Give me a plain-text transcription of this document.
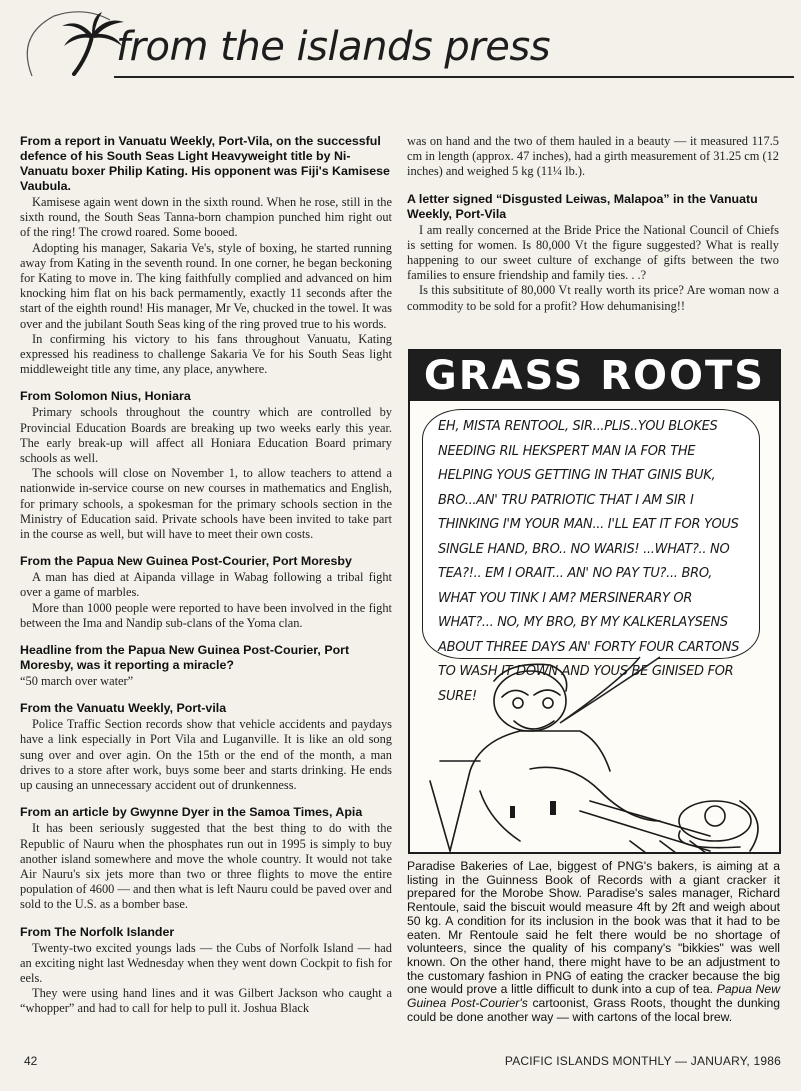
from the islands press
From a report in Vanuatu Weekly, Port-Vila, on the successful defence of his South Seas Light Heavyweight title by Ni-Vanuatu boxer Philip Kating. His opponent was Fiji's Kamisese Vaubula.

Kamisese again went down in the sixth round. When he rose, still in the sixth round, the South Seas Tanna-born champion punched him right out of the ring! The crowd roared. Some booed.

Adopting his manager, Sakaria Ve's, style of boxing, he started running away from Kating in the seventh round. In one corner, he began beckoning for Kating to move in. The king faithfully complied and advanced on him knocking him flat on his back permamently, exactly 11 seconds after the start of the eighth round! His manager, Mr Ve, chucked in the towel. It was over and the jubilant South Seas king of the ring proved true to his words.

In confirming his victory to his fans throughout Vanuatu, Kating expressed his readiness to challenge Sakaria Ve for his South Seas light middleweight title any time, any place, anywhere.

From Solomon Nius, Honiara

Primary schools throughout the country which are controlled by Provincial Education Boards are breaking up two weeks early this year. The early break-up will affect all Honiara Education Board primary schools as well.

The schools will close on November 1, to allow teachers to attend a nationwide in-service course on new courses in mathematics and English, for primary schools, a spokesman for the primary schools section in the Ministry of Education said. Private schools have been invited to take part in the course as well, but will have to meet their own costs.

From the Papua New Guinea Post-Courier, Port Moresby

A man has died at Aipanda village in Wabag following a tribal fight over a game of marbles.

More than 1000 people were reported to have been involved in the fight between the Ima and Nandip sub-clans of the Yoma clan.

Headline from the Papua New Guinea Post-Courier, Port Moresby, was it reporting a miracle?

“50 march over water”

From the Vanuatu Weekly, Port-vila

Police Traffic Section records show that vehicle accidents and paydays have a link especially in Port Vila and Luganville. It is like an old song sung over and over agin. On the 15th or the end of the month, a man drives to a store after work, buys some beer and starts drinking. He ends up causing an unnecessary accident out of drunkenness.

From an article by Gwynne Dyer in the Samoa Times, Apia

It has been seriously suggested that the best thing to do with the Republic of Nauru when the phosphates run out in 1995 is simply to buy another island somewhere and move the whole country. It would not take Air Nauru's six jets more than two or three flights to move the entire population of 4600 — and then what is left Nauru could be paved over and sold to the U.S. as a bomber base.

From The Norfolk Islander

Twenty-two excited youngs lads — the Cubs of Norfolk Island — had an exciting night last Wednesday when they went down Cockpit to fish for eels.

They were using hand lines and it was Gilbert Jackson who caught a “whopper” and had to call for help to pull it. Joshua Black

was on hand and the two of them hauled in a beauty — it measured 117.5 cm in length (approx. 47 inches), had a girth measurement of 31.25 cm (12 inches) and weighed 5 kg (11¼ lb.).

A letter signed “Disgusted Leiwas, Malapoa” in the Vanuatu Weekly, Port-Vila

I am really concerned at the Bride Price the National Council of Chiefs is setting for women. Is 80,000 Vt the figure suggested? What is really happening to our sweet culture of exchange of gifts between the two families to ensure friendship and family ties. . .?

Is this subsititute of 80,000 Vt really worth its price? Are woman now a commodity to be sold for a profit? How dehumanising!!

GRASS ROOTS
EH, MISTA RENTOOL, SIR...PLIS..YOU BLOKES NEEDING RIL HEKSPERT MAN IA FOR THE HELPING YOUS GETTING IN THAT GINIS BUK, BRO...AN' TRU PATRIOTIC THAT I AM SIR I THINKING I'M YOUR MAN... I'LL EAT IT FOR YOUS SINGLE HAND, BRO.. NO WARIS! ...WHAT?.. NO TEA?!.. EM I ORAIT... AN' NO PAY TU?... BRO, WHAT YOU TINK I AM? MERSINERARY OR WHAT?... NO, MY BRO, BY MY KALKERLAYSENS ABOUT THREE DAYS AN' FORTY FOUR CARTONS TO WASH IT DOWN AND YOUS BE GINISED FOR SURE!
Paradise Bakeries of Lae, biggest of PNG's bakers, is aiming at a listing in the Guinness Book of Records with a giant cracker it prepared for the Morobe Show. Paradise's sales manager, Richard Rentoule, said the biscuit would measure 4ft by 2ft and weigh about 50 kg. A condition for its inclusion in the book was that it had to be eaten. Mr Rentoule said he felt there would be no shortage of volunteers, since the quality of his company's "bikkies" was well known. On the other hand, there might have to be an adjustment to the customary fashion in PNG of eating the cracker because the big one would prove a little difficult to dunk into a cup of tea. Papua New Guinea Post-Courier's cartoonist, Grass Roots, thought the dunking could be done another way — with cartons of the local brew.
42	PACIFIC ISLANDS MONTHLY — JANUARY, 1986
